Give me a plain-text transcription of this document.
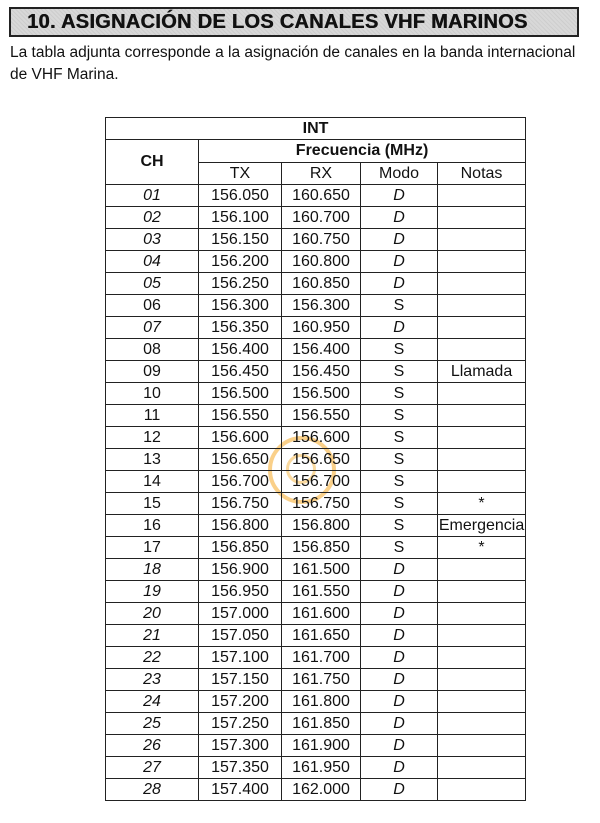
10. ASIGNACIÓN DE LOS CANALES VHF MARINOS
La tabla adjunta corresponde a la asignación de canales en la banda internacional de VHF Marina.
INT				
CH	Frecuencia (MHz)			
	TX	RX	Modo	Notas
01	156.050	160.650	D	
02	156.100	160.700	D	
03	156.150	160.750	D	
04	156.200	160.800	D	
05	156.250	160.850	D	
06	156.300	156.300	S	
07	156.350	160.950	D	
08	156.400	156.400	S	
09	156.450	156.450	S	Llamada
10	156.500	156.500	S	
11	156.550	156.550	S	
12	156.600	156.600	S	
13	156.650	156.650	S	
14	156.700	156.700	S	
15	156.750	156.750	S	*
16	156.800	156.800	S	Emergencia
17	156.850	156.850	S	*
18	156.900	161.500	D	
19	156.950	161.550	D	
20	157.000	161.600	D	
21	157.050	161.650	D	
22	157.100	161.700	D	
23	157.150	161.750	D	
24	157.200	161.800	D	
25	157.250	161.850	D	
26	157.300	161.900	D	
27	157.350	161.950	D	
28	157.400	162.000	D	
